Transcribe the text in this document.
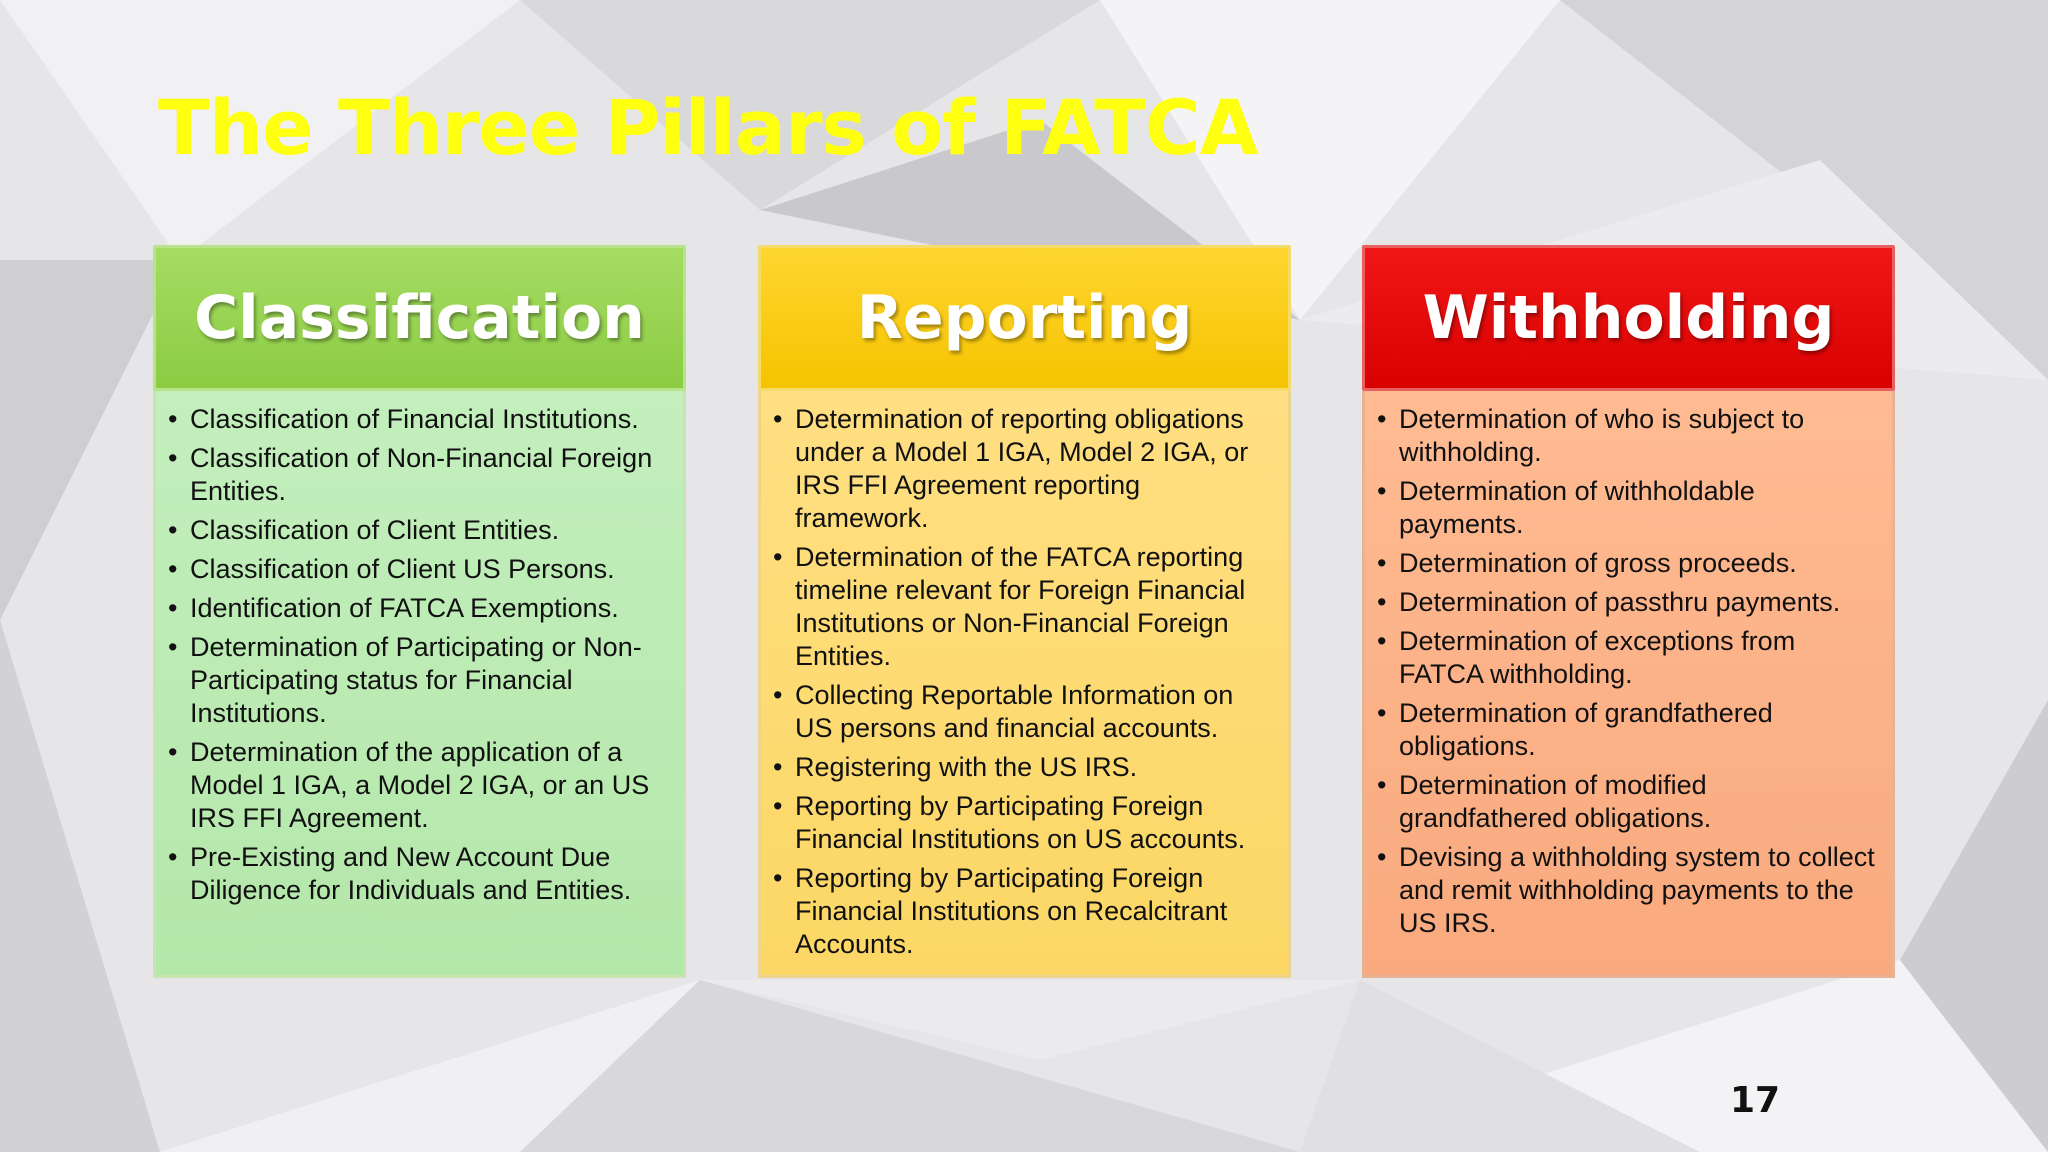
The Three Pillars of FATCA
Classification
• Classification of Financial Institutions.
• Classification of Non-Financial Foreign Entities.
• Classification of Client Entities.
• Classification of Client US Persons.
• Identification of FATCA Exemptions.
• Determination of Participating or Non-Participating status for Financial Institutions.
• Determination of the application of a Model 1 IGA, a Model 2 IGA, or an US IRS FFI Agreement.
• Pre-Existing and New Account Due Diligence for Individuals and Entities.
Reporting
• Determination of reporting obligations under a Model 1 IGA, Model 2 IGA, or IRS FFI Agreement reporting framework.
• Determination of the FATCA reporting timeline relevant for Foreign Financial Institutions or Non-Financial Foreign Entities.
• Collecting Reportable Information on US persons and financial accounts.
• Registering with the US IRS.
• Reporting by Participating Foreign Financial Institutions on US accounts.
• Reporting by Participating Foreign Financial Institutions on Recalcitrant Accounts.
Withholding
• Determination of who is subject to withholding.
• Determination of withholdable payments.
• Determination of gross proceeds.
• Determination of passthru payments.
• Determination of exceptions from FATCA withholding.
• Determination of grandfathered obligations.
• Determination of modified grandfathered obligations.
• Devising a withholding system to collect and remit withholding payments to the US IRS.
17
